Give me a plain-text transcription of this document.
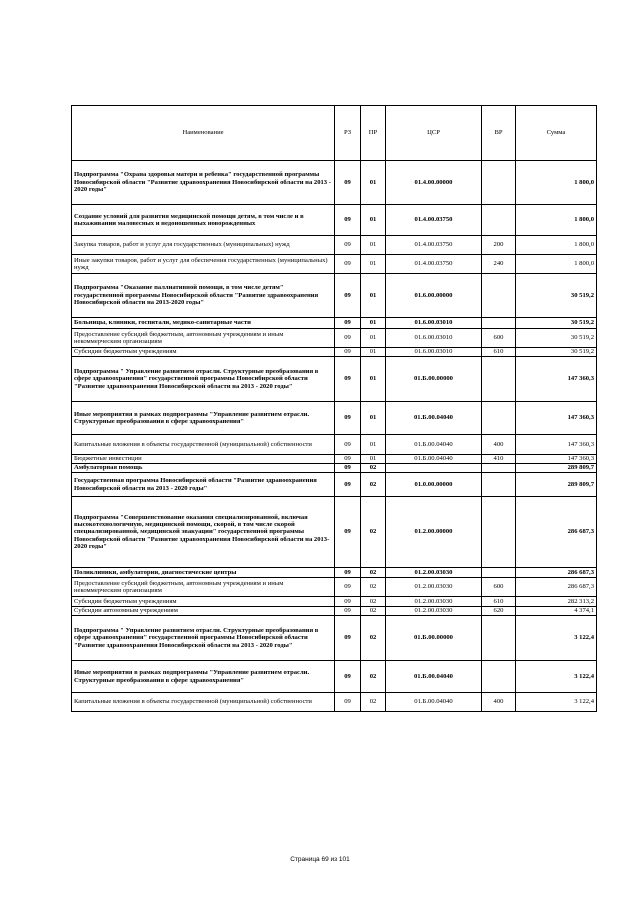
Наименование	РЗ	ПР	ЦСР	ВР	Сумма
Подпрограмма "Охрана здоровья матери и ребенка" государственной программы Новосибирской области "Развитие здравоохранения Новосибирской области на 2013 - 2020 годы"	09	01	01.4.00.00000		1 800,0
Создание условий для развития медицинской помощи детям, в том числе и в выхаживании маловесных и недоношенных новорожденных	09	01	01.4.00.03750		1 800,0
Закупка товаров, работ и услуг для государственных (муниципальных) нужд	09	01	01.4.00.03750	200	1 800,0
Иные закупки товаров, работ и услуг для обеспечения государственных (муниципальных) нужд	09	01	01.4.00.03750	240	1 800,0
Подпрограмма "Оказание паллиативной помощи, в том числе детям" государственной программы Новосибирской области "Развитие здравоохранения Новосибирской области на 2013-2020 годы"	09	01	01.6.00.00000		30 519,2
Больницы, клиники, госпитали, медико-санитарные части	09	01	01.6.00.03010		30 519,2
Предоставление субсидий бюджетным, автономным учреждениям и иным некоммерческим организациям	09	01	01.6.00.03010	600	30 519,2
Субсидии бюджетным учреждениям	09	01	01.6.00.03010	610	30 519,2
Подпрограмма " Управление развитием отрасли. Структурные преобразования в сфере здравоохранения" государственной программы Новосибирской области "Развитие здравоохранения Новосибирской области на 2013 - 2020 годы"	09	01	01.Б.00.00000		147 360,3
Иные мероприятия в рамках подпрограммы "Управление развитием отрасли. Структурные преобразования в сфере здравоохранения"	09	01	01.Б.00.04040		147 360,3
Капитальные вложения в объекты государственной (муниципальной) собственности	09	01	01.Б.00.04040	400	147 360,3
Бюджетные инвестиции	09	01	01.Б.00.04040	410	147 360,3
Амбулаторная помощь	09	02			289 809,7
Государственная программа Новосибирской области "Развитие здравоохранения Новосибирской области на 2013 - 2020 годы"	09	02	01.0.00.00000		289 809,7
Подпрограмма "Совершенствование оказания специализированной, включая высокотехнологичную, медицинской помощи, скорой, в том числе скорой специализированной, медицинской эвакуации" государственной программы Новосибирской области "Развитие здравоохранения Новосибирской области на 2013-2020 годы"	09	02	01.2.00.00000		286 687,3
Поликлиники, амбулатории, диагностические центры	09	02	01.2.00.03030		286 687,3
Предоставление субсидий бюджетным, автономным учреждениям и иным некоммерческим организациям	09	02	01.2.00.03030	600	286 687,3
Субсидии бюджетным учреждениям	09	02	01.2.00.03030	610	282 313,2
Субсидии автономным учреждениям	09	02	01.2.00.03030	620	4 374,1
Подпрограмма " Управление развитием отрасли. Структурные преобразования в сфере здравоохранения" государственной программы Новосибирской области "Развитие здравоохранения Новосибирской области на 2013 - 2020 годы"	09	02	01.Б.00.00000		3 122,4
Иные мероприятия в рамках подпрограммы "Управление развитием отрасли. Структурные преобразования в сфере здравоохранения"	09	02	01.Б.00.04040		3 122,4
Капитальные вложения в объекты государственной (муниципальной) собственности	09	02	01.Б.00.04040	400	3 122,4
Страница 69 из 101
